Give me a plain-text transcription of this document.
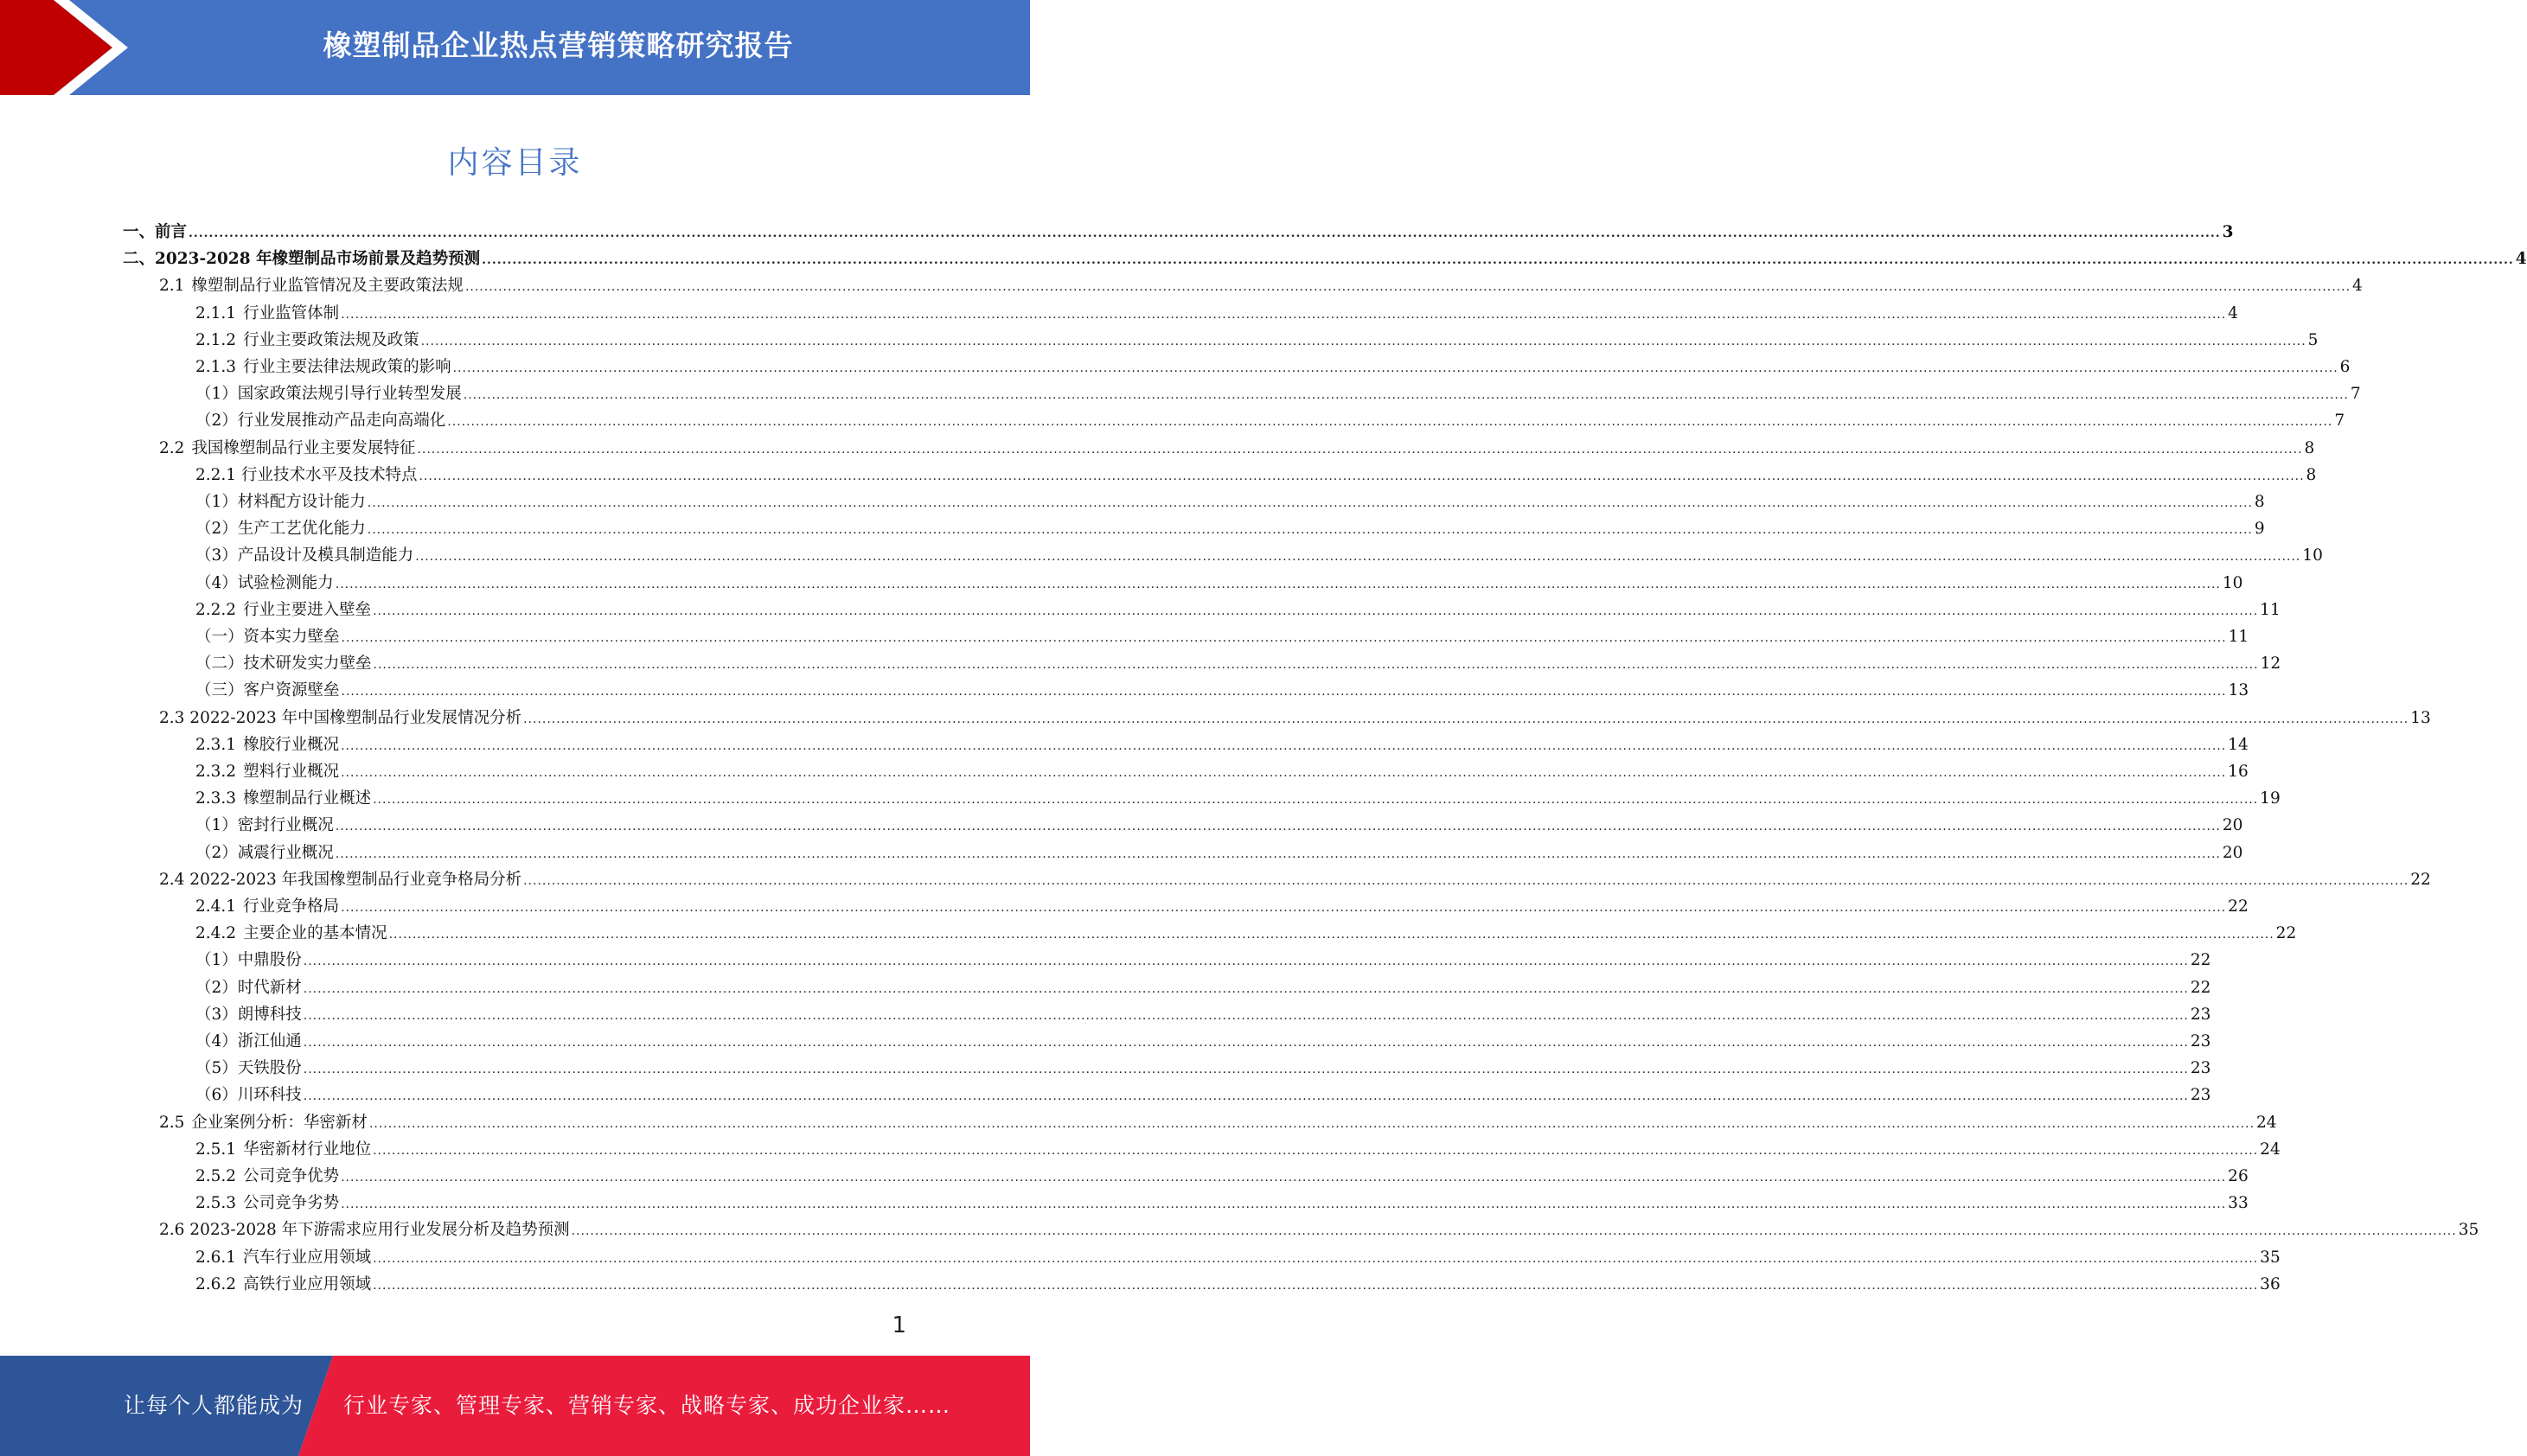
橡塑制品企业热点营销策略研究报告
内容目录
一、前言 ................................................................................................................................................................................................................................................................................................................................................................................................................ 3
二、2023-2028 年橡塑制品市场前景及趋势预测 ................................................................................................................................................................................................................................................................................................................................................................................................................ 4
2.1 橡塑制品行业监管情况及主要政策法规 ................................................................................................................................................................................................................................................................................................................................................................................................................ 4
2.1.1 行业监管体制 ................................................................................................................................................................................................................................................................................................................................................................................................................ 4
2.1.2 行业主要政策法规及政策 ................................................................................................................................................................................................................................................................................................................................................................................................................ 5
2.1.3 行业主要法律法规政策的影响 ................................................................................................................................................................................................................................................................................................................................................................................................................ 6
（1）国家政策法规引导行业转型发展 ................................................................................................................................................................................................................................................................................................................................................................................................................ 7
（2）行业发展推动产品走向高端化 ................................................................................................................................................................................................................................................................................................................................................................................................................ 7
2.2 我国橡塑制品行业主要发展特征 ................................................................................................................................................................................................................................................................................................................................................................................................................ 8
2.2.1 行业技术水平及技术特点 ................................................................................................................................................................................................................................................................................................................................................................................................................ 8
（1）材料配方设计能力 ................................................................................................................................................................................................................................................................................................................................................................................................................ 8
（2）生产工艺优化能力 ................................................................................................................................................................................................................................................................................................................................................................................................................ 9
（3）产品设计及模具制造能力 ................................................................................................................................................................................................................................................................................................................................................................................................................ 10
（4）试验检测能力 ................................................................................................................................................................................................................................................................................................................................................................................................................ 10
2.2.2 行业主要进入壁垒 ................................................................................................................................................................................................................................................................................................................................................................................................................ 11
（一）资本实力壁垒 ................................................................................................................................................................................................................................................................................................................................................................................................................ 11
（二）技术研发实力壁垒 ................................................................................................................................................................................................................................................................................................................................................................................................................ 12
（三）客户资源壁垒 ................................................................................................................................................................................................................................................................................................................................................................................................................ 13
2.3 2022-2023 年中国橡塑制品行业发展情况分析 ................................................................................................................................................................................................................................................................................................................................................................................................................ 13
2.3.1 橡胶行业概况 ................................................................................................................................................................................................................................................................................................................................................................................................................ 14
2.3.2 塑料行业概况 ................................................................................................................................................................................................................................................................................................................................................................................................................ 16
2.3.3 橡塑制品行业概述 ................................................................................................................................................................................................................................................................................................................................................................................................................ 19
（1）密封行业概况 ................................................................................................................................................................................................................................................................................................................................................................................................................ 20
（2）减震行业概况 ................................................................................................................................................................................................................................................................................................................................................................................................................ 20
2.4 2022-2023 年我国橡塑制品行业竞争格局分析 ................................................................................................................................................................................................................................................................................................................................................................................................................ 22
2.4.1 行业竞争格局 ................................................................................................................................................................................................................................................................................................................................................................................................................ 22
2.4.2 主要企业的基本情况 ................................................................................................................................................................................................................................................................................................................................................................................................................ 22
（1）中鼎股份 ................................................................................................................................................................................................................................................................................................................................................................................................................ 22
（2）时代新材 ................................................................................................................................................................................................................................................................................................................................................................................................................ 22
（3）朗博科技 ................................................................................................................................................................................................................................................................................................................................................................................................................ 23
（4）浙江仙通 ................................................................................................................................................................................................................................................................................................................................................................................................................ 23
（5）天铁股份 ................................................................................................................................................................................................................................................................................................................................................................................................................ 23
（6）川环科技 ................................................................................................................................................................................................................................................................................................................................................................................................................ 23
2.5 企业案例分析：华密新材 ................................................................................................................................................................................................................................................................................................................................................................................................................ 24
2.5.1 华密新材行业地位 ................................................................................................................................................................................................................................................................................................................................................................................................................ 24
2.5.2 公司竞争优势 ................................................................................................................................................................................................................................................................................................................................................................................................................ 26
2.5.3 公司竞争劣势 ................................................................................................................................................................................................................................................................................................................................................................................................................ 33
2.6 2023-2028 年下游需求应用行业发展分析及趋势预测 ................................................................................................................................................................................................................................................................................................................................................................................................................ 35
2.6.1 汽车行业应用领域 ................................................................................................................................................................................................................................................................................................................................................................................................................ 35
2.6.2 高铁行业应用领域 ................................................................................................................................................................................................................................................................................................................................................................................................................ 36
1
让每个人都能成为 行业专家、管理专家、营销专家、战略专家、成功企业家……
